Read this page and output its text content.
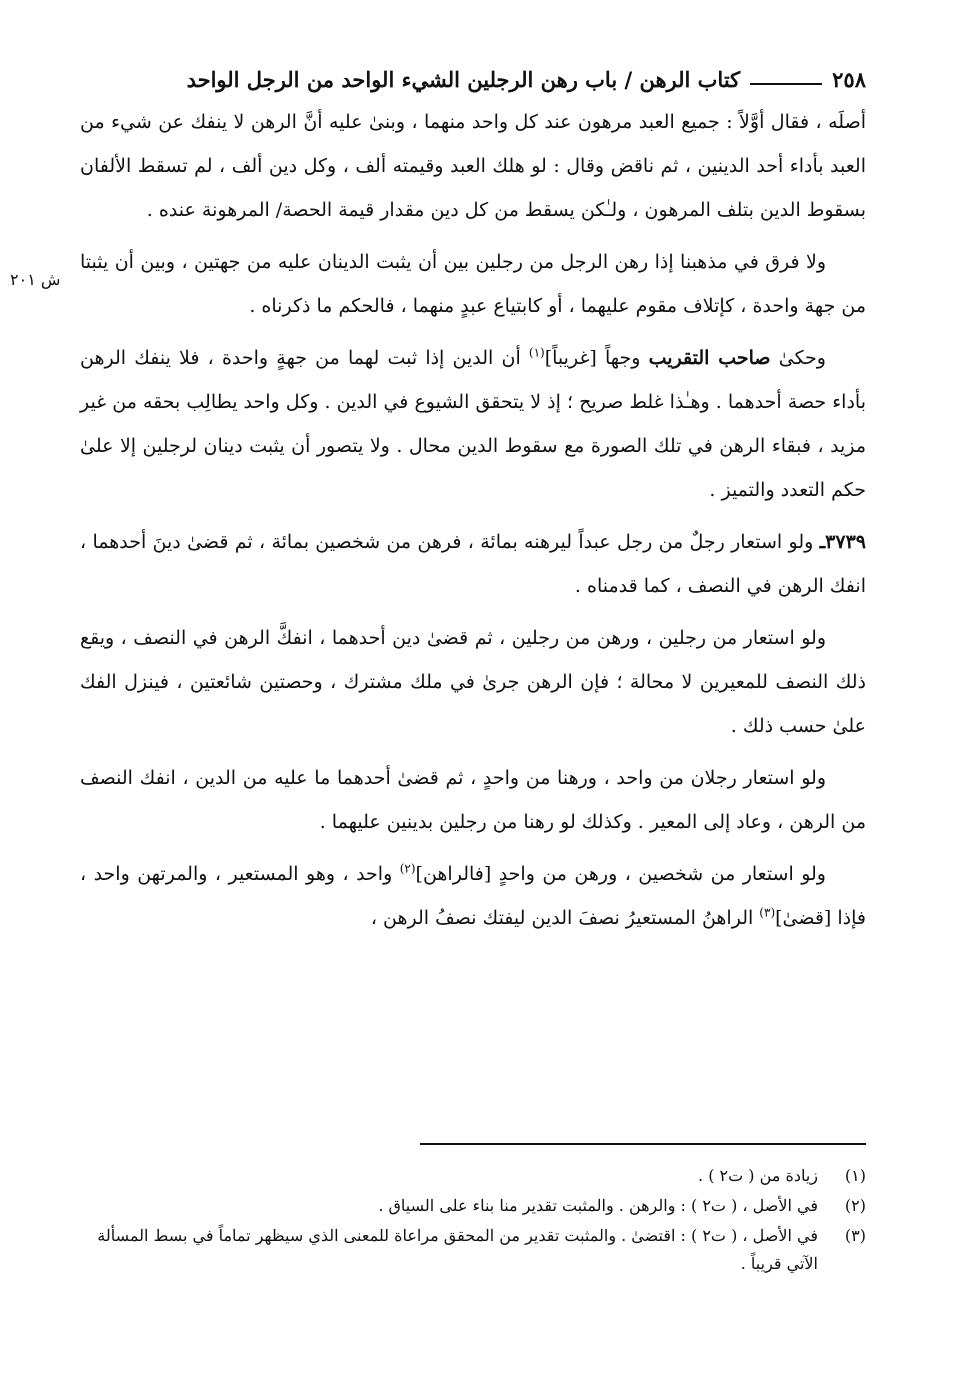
٢٥٨
كتاب الرهن / باب رهن الرجلين الشيء الواحد من الرجل الواحد

أصلَه ، فقال أوَّلاً : جميع العبد مرهون عند كل واحد منهما ، وبنىٰ عليه أنَّ الرهن لا ينفك عن شيء من العبد بأداء أحد الدينين ، ثم ناقض وقال : لو هلك العبد وقيمته ألف ، وكل دين ألف ، لم تسقط الألفان بسقوط الدين بتلف المرهون ، ولـٰكن يسقط من كل دين مقدار قيمة الحصة/ المرهونة عنده .

ولا فرق في مذهبنا إذا رهن الرجل من رجلين بين أن يثبت الدينان عليه من جهتين ، وبين أن يثبتا من جهة واحدة ، كإتلاف مقوم عليهما ، أو كابتياع عبدٍ منهما ، فالحكم ما ذكرناه .

وحكىٰ صاحب التقريب وجهاً [غريباً]$^{(١)}$ أن الدين إذا ثبت لهما من جهةٍ واحدة ، فلا ينفك الرهن بأداء حصة أحدهما . وهـٰذا غلط صريح ؛ إذ لا يتحقق الشيوع في الدين . وكل واحد يطالِب بحقه من غير مزيد ، فبقاء الرهن في تلك الصورة مع سقوط الدين محال . ولا يتصور أن يثبت دينان لرجلين إلا علىٰ حكم التعدد والتميز .

٣٧٣٩ـ ولو استعار رجلٌ من رجل عبداً ليرهنه بمائة ، فرهن من شخصين بمائة ، ثم قضىٰ دينَ أحدهما ، انفك الرهن في النصف ، كما قدمناه .

ولو استعار من رجلين ، ورهن من رجلين ، ثم قضىٰ دين أحدهما ، انفكَّ الرهن في النصف ، ويقع ذلك النصف للمعيرين لا محالة ؛ فإن الرهن جرىٰ في ملك مشترك ، وحصتين شائعتين ، فينزل الفك علىٰ حسب ذلك .

ولو استعار رجلان من واحد ، ورهنا من واحدٍ ، ثم قضىٰ أحدهما ما عليه من الدين ، انفك النصف من الرهن ، وعاد إلى المعير . وكذلك لو رهنا من رجلين بدينين عليهما .

ولو استعار من شخصين ، ورهن من واحدٍ [فالراهن]$^{(٢)}$ واحد ، وهو المستعير ، والمرتهن واحد ، فإذا [قضىٰ]$^{(٣)}$ الراهنُ المستعيرُ نصفَ الدين ليفتك نصفُ الرهن ،

ش ٢٠١
(١)
زيادة من ( ت٢ ) .
(٢)
في الأصل ، ( ت٢ ) : والرهن . والمثبت تقدير منا بناء على السياق .
(٣)
في الأصل ، ( ت٢ ) : اقتضىٰ . والمثبت تقدير من المحقق مراعاة للمعنى الذي سيظهر تماماً في بسط المسألة الآتي قريباً .
